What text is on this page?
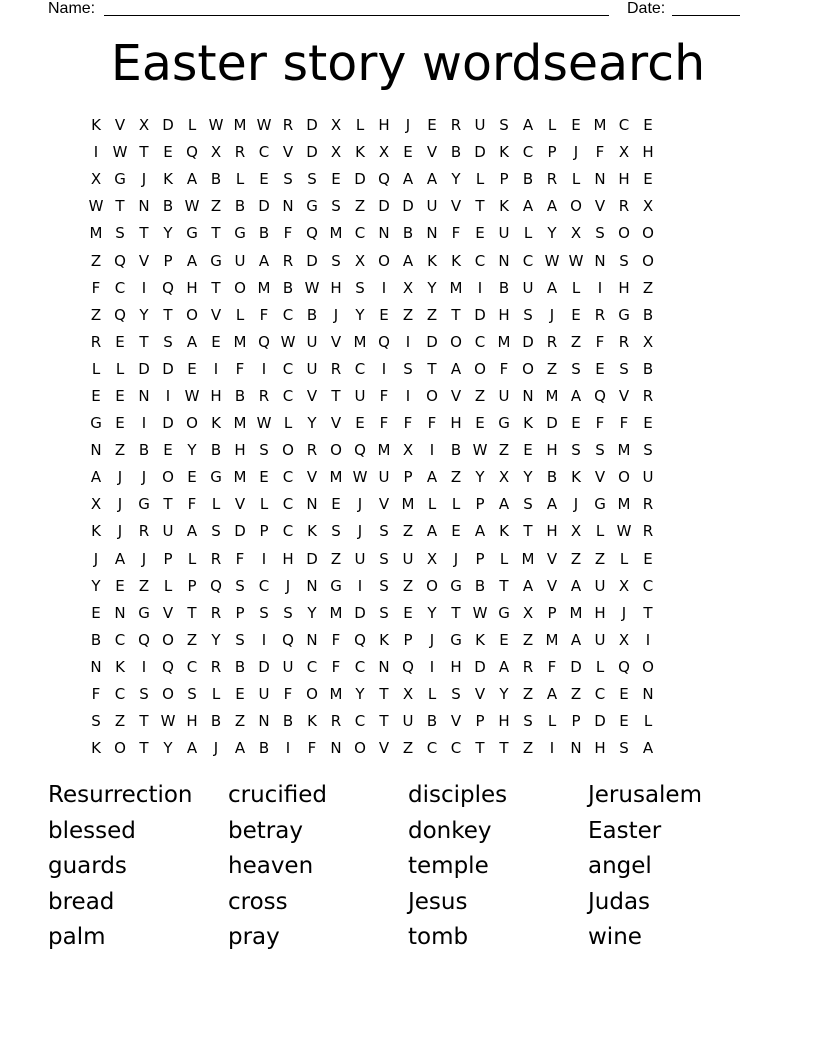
Name:	Date:
Easter story wordsearch
K V X D L W M W R D X L H	J	E R U S A L	E M C E
I W T E Q X R C V D X K X E V B D K C P	J	F X H
X G	J	K A B L	E S S E D Q A A Y	L	P B R L N H E
W T N B W Z B D N G S Z D D U V T K A A O V R X
M S T Y G T G B F Q M C N B N F E U L	Y X S O O
Z Q V P A G U A R D S X O A K K C N C W W N S O
F C	I	Q H T O M B W H S	I	X Y M	I	B U A L	I	H Z
Z Q Y T O V L	F C B	J	Y E Z Z T D H S	J	E R G B
R E T S A E M Q W U V M Q	I	D O C M D R Z F R X
L	L D D E	I	F	I	C U R C	I	S T A O F O Z S E S B
E E N	I W H B R C V T U F	I	O V Z U N M A Q V R
G E	I	D O K M W L	Y V E F	F	F H E G K D E F	F E
N Z B E Y B H S O R O Q M X	I	B W Z E H S S M S
A	J	J	O E G M E C V M W U P A Z Y X Y B K V O U
X	J	G T	F	L V L C N E	J	V M L	L	P A S A	J	G M R
K	J	R U A S D P C K S	J	S Z A E A K T H X L W R
J	A	J	P	L R F	I	H D Z U S U X	J	P	L M V Z Z L	E
Y E Z L	P Q S C	J	N G	I	S Z O G B T A V A U X C
E N G V T R P S S Y M D S E Y T W G X P M H	J	T
B C Q O Z Y S	I	Q N F Q K P	J	G K E Z M A U X	I
N K	I	Q C R B D U C F C N Q	I	H D A R F D L Q O
F C S O S	L	E U F O M Y T X L	S V Y Z A Z C E N
S Z T W H B Z N B K R C T U B V P H S	L	P D E	L
K O T Y A	J	A B	I	F N O V Z C C T T Z	I	N H S A
Resurrection	crucified	disciples	Jerusalem
blessed	betray	donkey	Easter
guards	heaven	temple	angel
bread	cross	Jesus	Judas
palm	pray	tomb	wine
